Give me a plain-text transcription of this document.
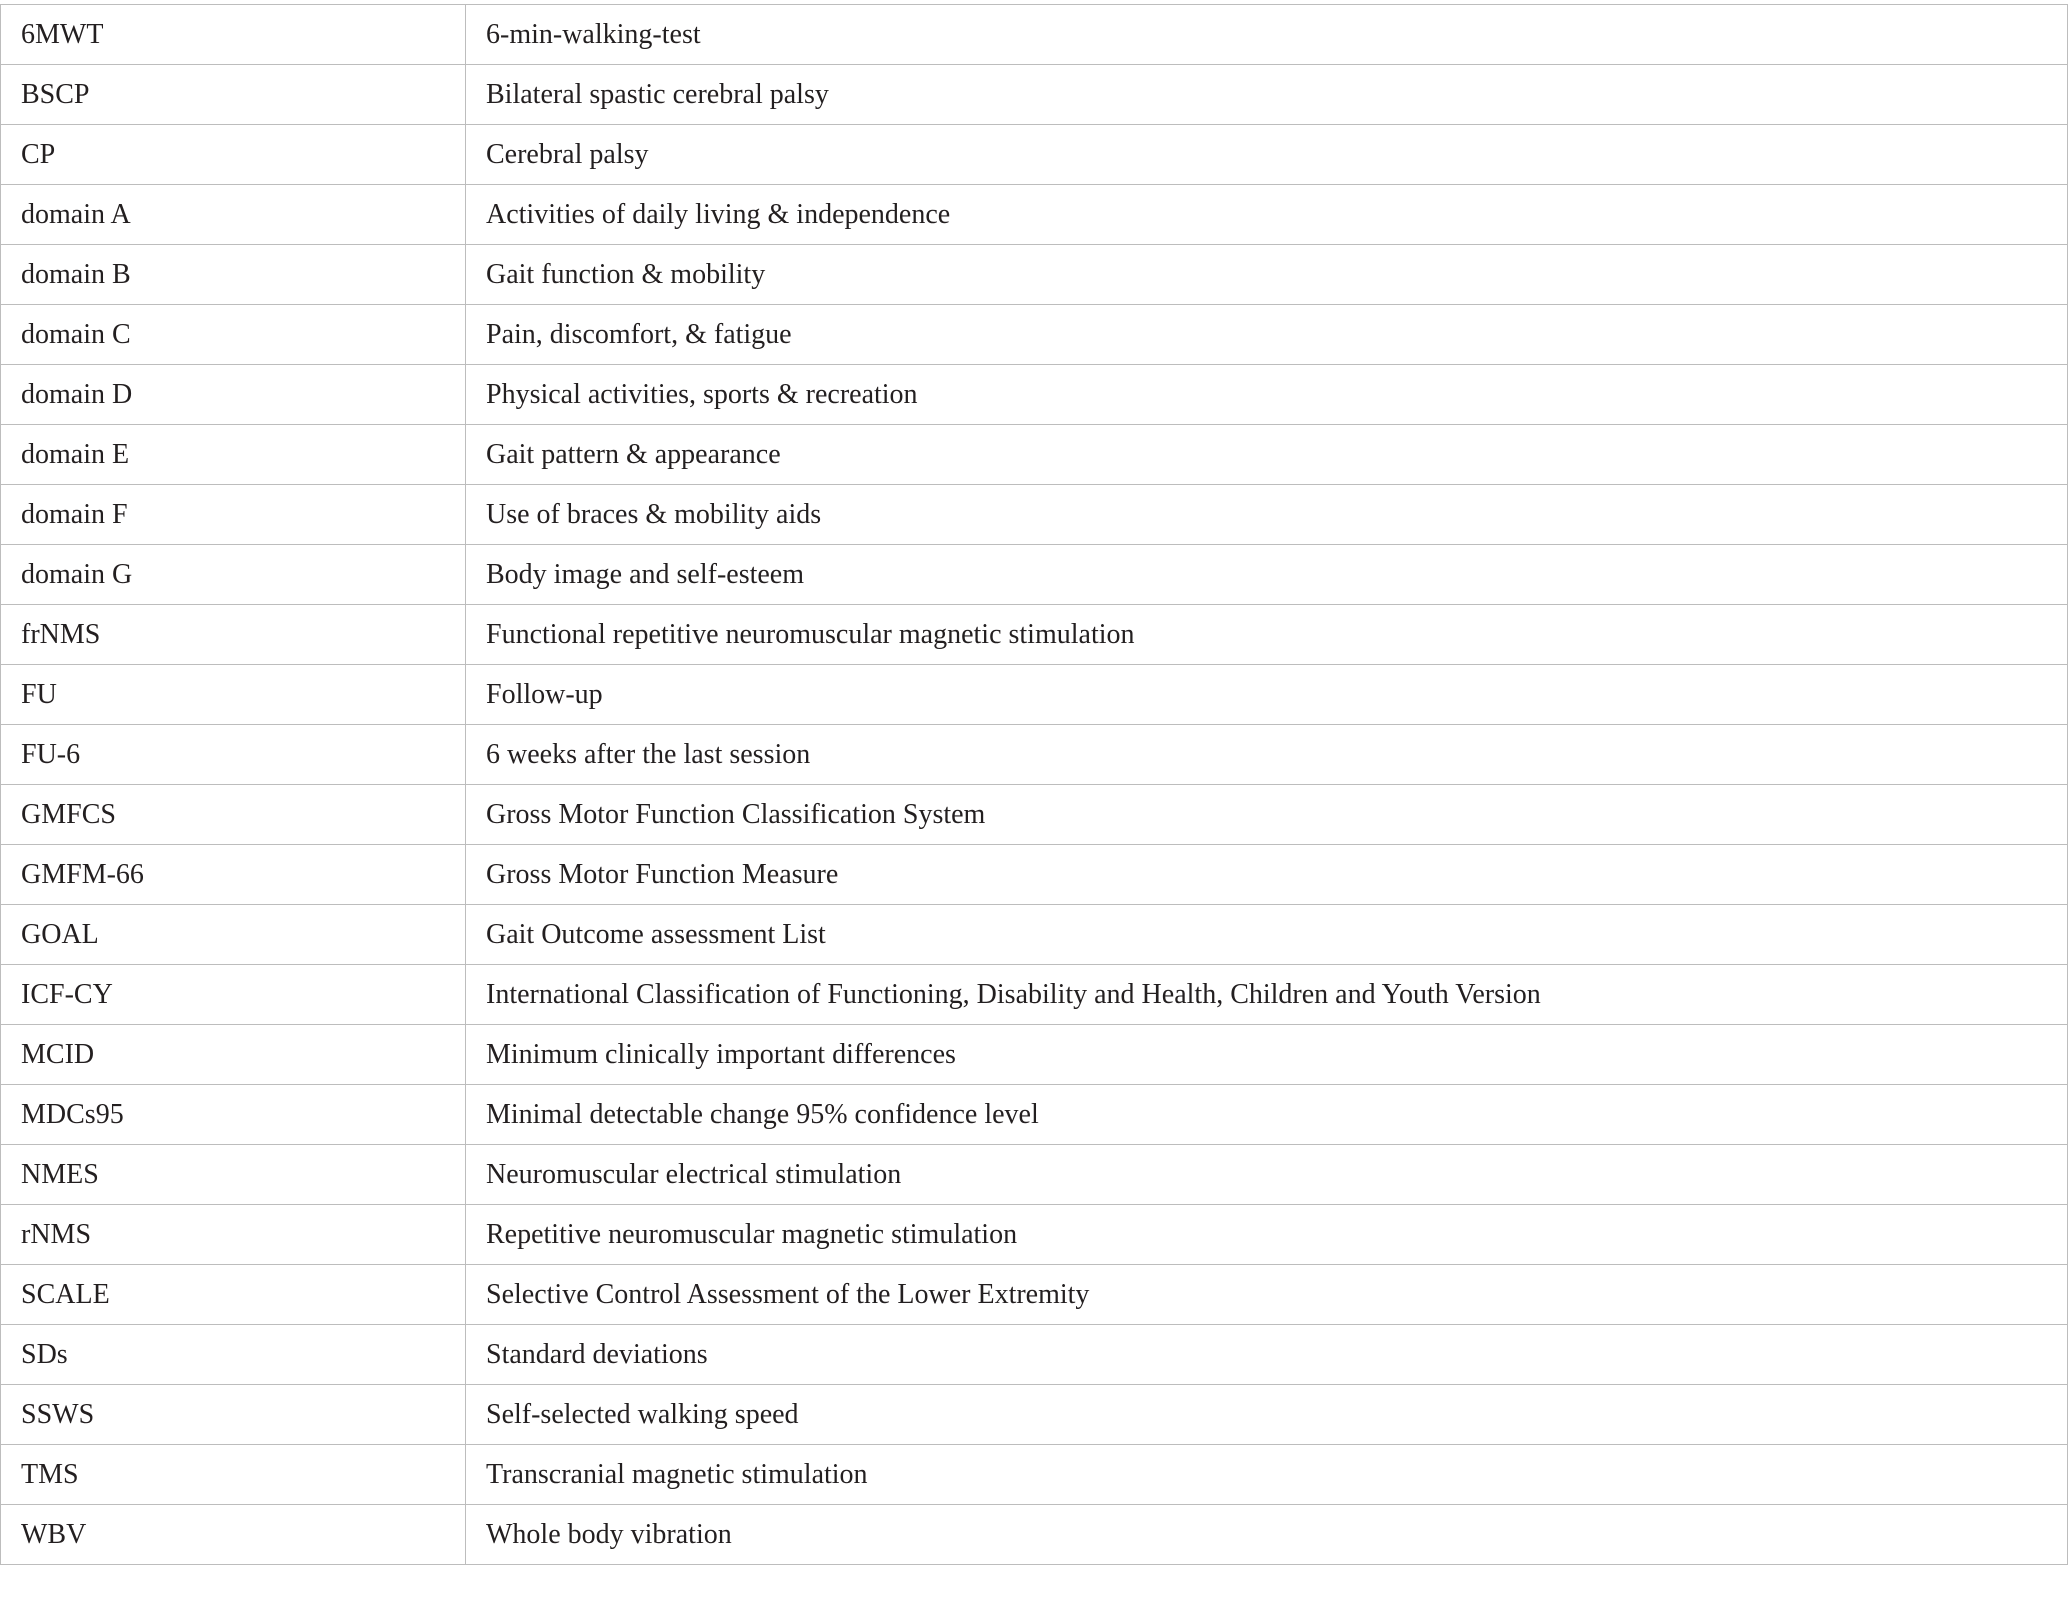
6MWT	6-min-walking-test
BSCP	Bilateral spastic cerebral palsy
CP	Cerebral palsy
domain A	Activities of daily living & independence
domain B	Gait function & mobility
domain C	Pain, discomfort, & fatigue
domain D	Physical activities, sports & recreation
domain E	Gait pattern & appearance
domain F	Use of braces & mobility aids
domain G	Body image and self-esteem
frNMS	Functional repetitive neuromuscular magnetic stimulation
FU	Follow-up
FU-6	6 weeks after the last session
GMFCS	Gross Motor Function Classification System
GMFM-66	Gross Motor Function Measure
GOAL	Gait Outcome assessment List
ICF-CY	International Classification of Functioning, Disability and Health, Children and Youth Version
MCID	Minimum clinically important differences
MDCs95	Minimal detectable change 95% confidence level
NMES	Neuromuscular electrical stimulation
rNMS	Repetitive neuromuscular magnetic stimulation
SCALE	Selective Control Assessment of the Lower Extremity
SDs	Standard deviations
SSWS	Self-selected walking speed
TMS	Transcranial magnetic stimulation
WBV	Whole body vibration
